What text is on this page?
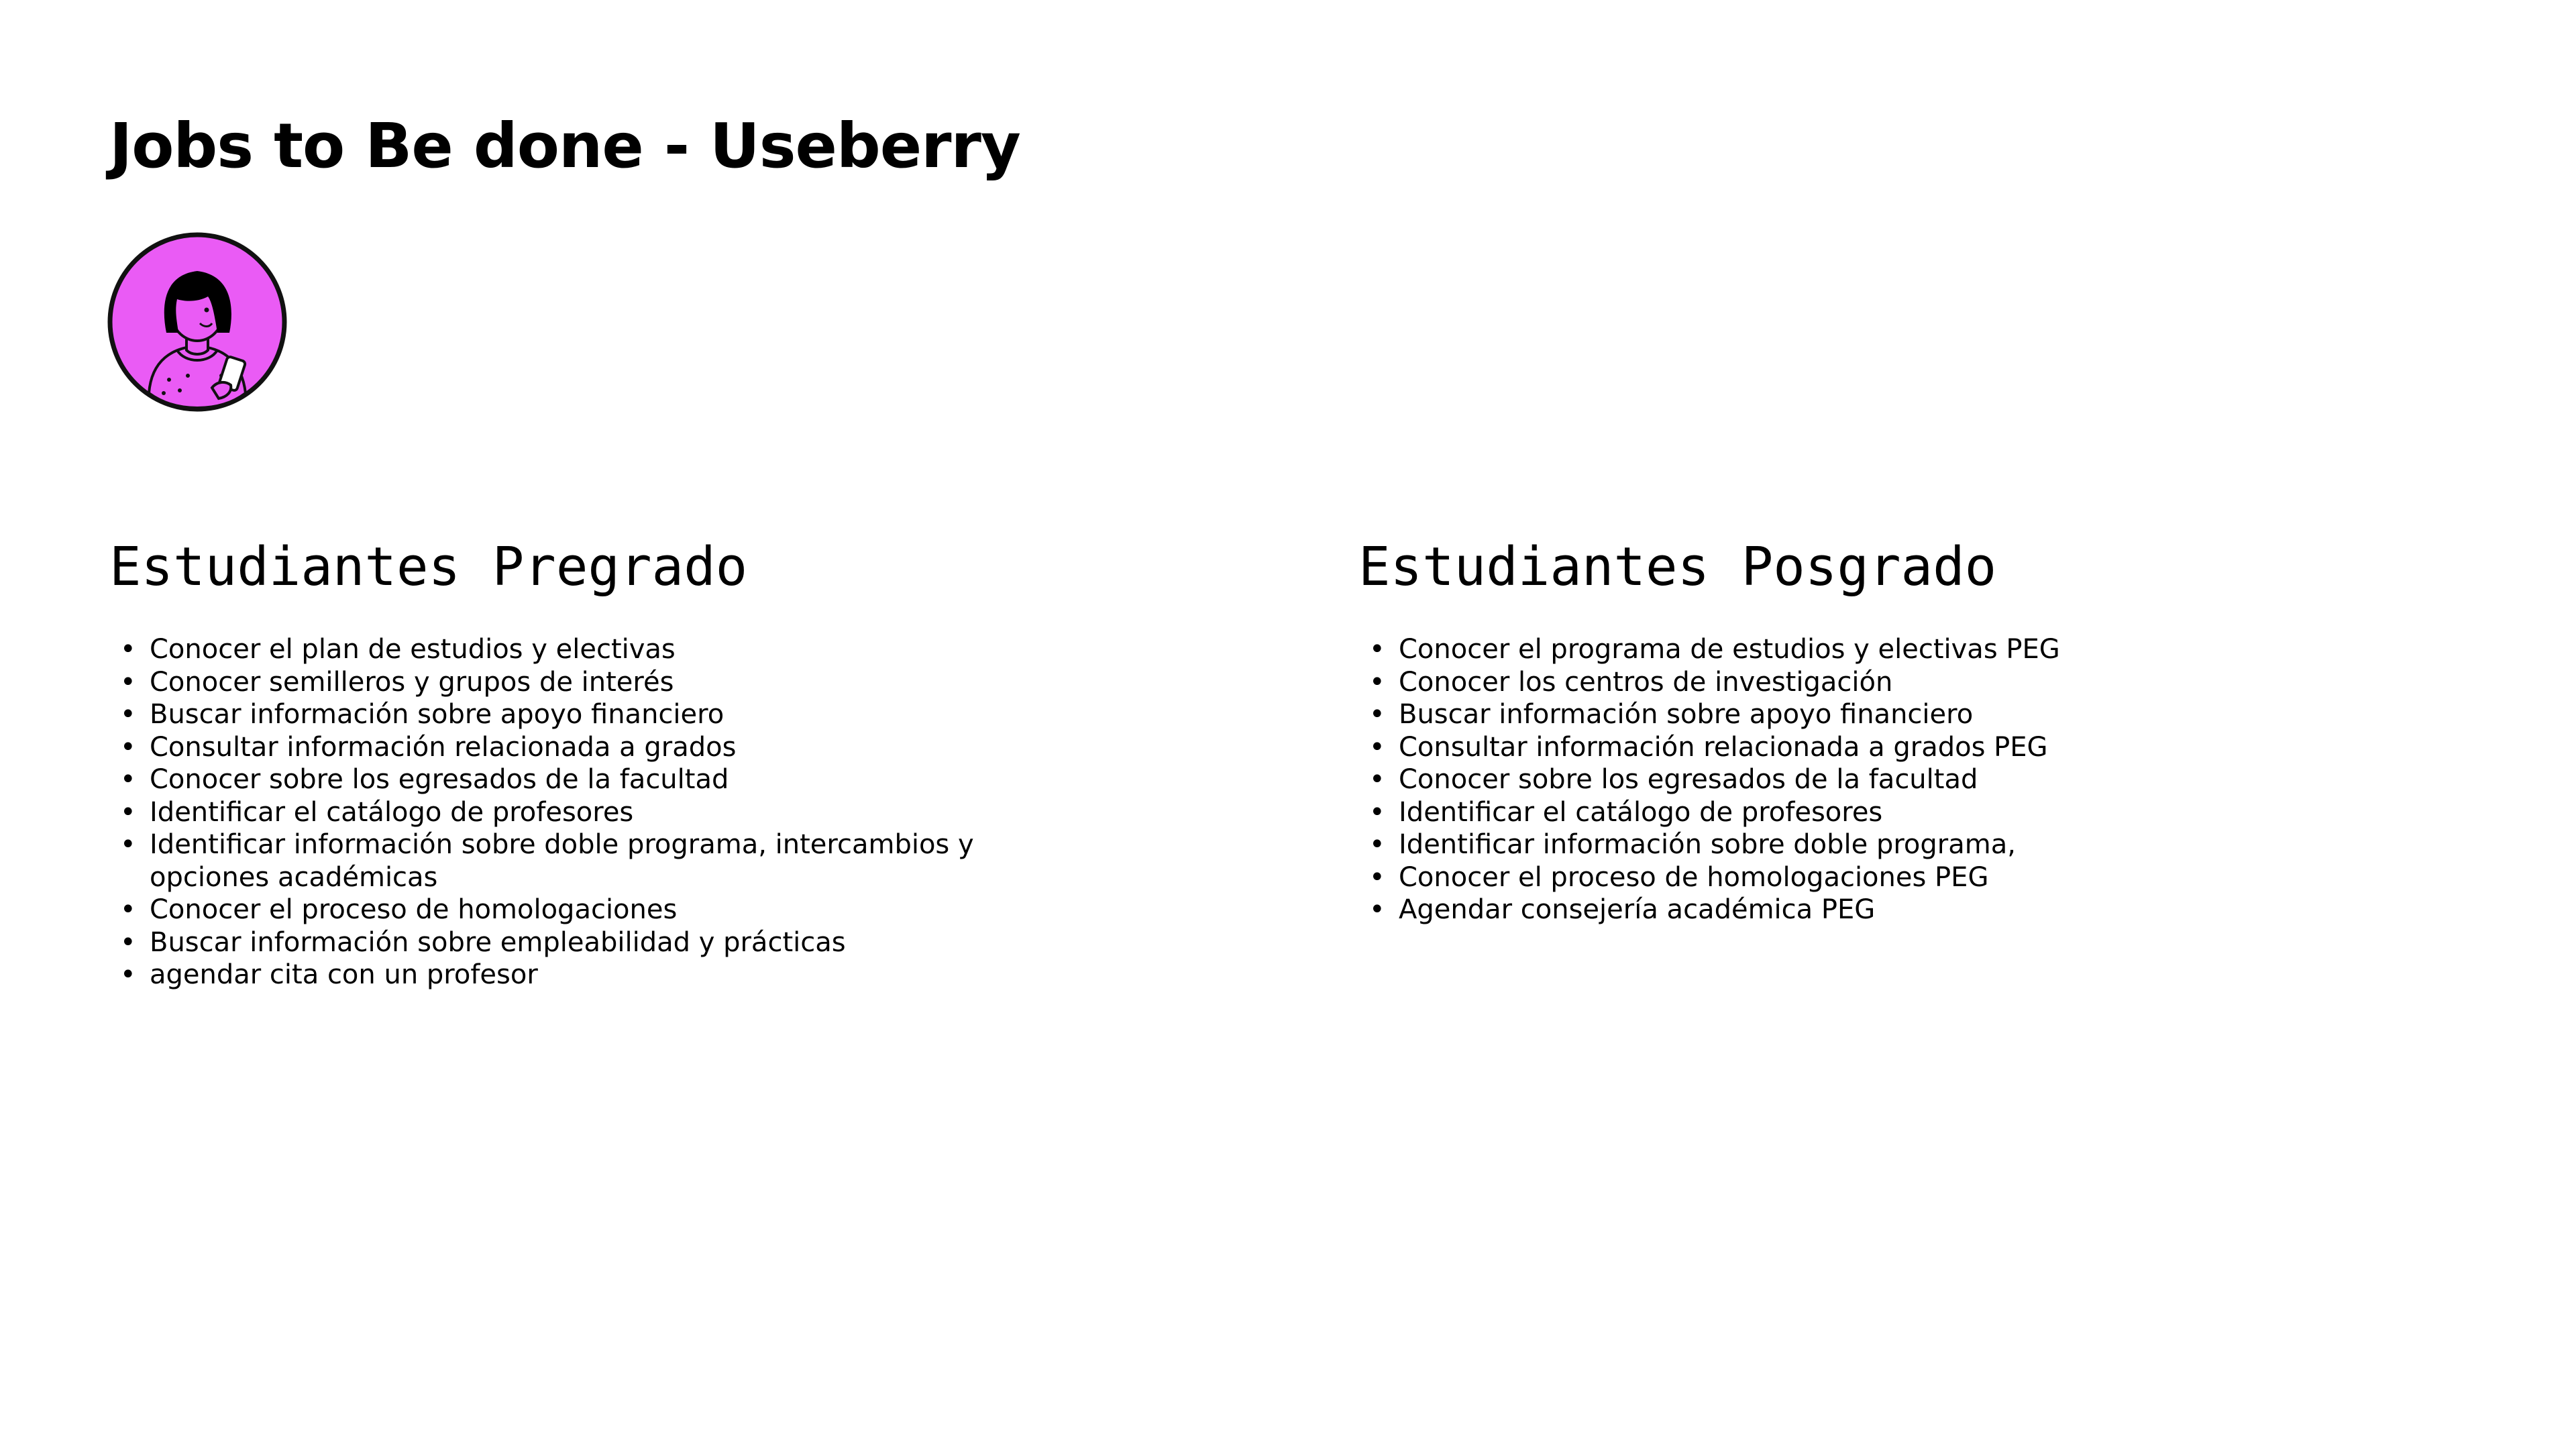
Jobs to Be done - Useberry
Estudiantes Pregrado
• Conocer el plan de estudios y electivas
• Conocer semilleros y grupos de interés
• Buscar información sobre apoyo financiero
• Consultar información relacionada a grados
• Conocer sobre los egresados de la facultad
• Identificar el catálogo de profesores
• Identificar información sobre doble programa, intercambios y opciones académicas
• Conocer el proceso de homologaciones
• Buscar información sobre empleabilidad y prácticas
• agendar cita con un profesor
Estudiantes Posgrado
• Conocer el programa de estudios y electivas PEG
• Conocer los centros de investigación
• Buscar información sobre apoyo financiero
• Consultar información relacionada a grados PEG
• Conocer sobre los egresados de la facultad
• Identificar el catálogo de profesores
• Identificar información sobre doble programa,
• Conocer el proceso de homologaciones PEG
• Agendar consejería académica PEG
